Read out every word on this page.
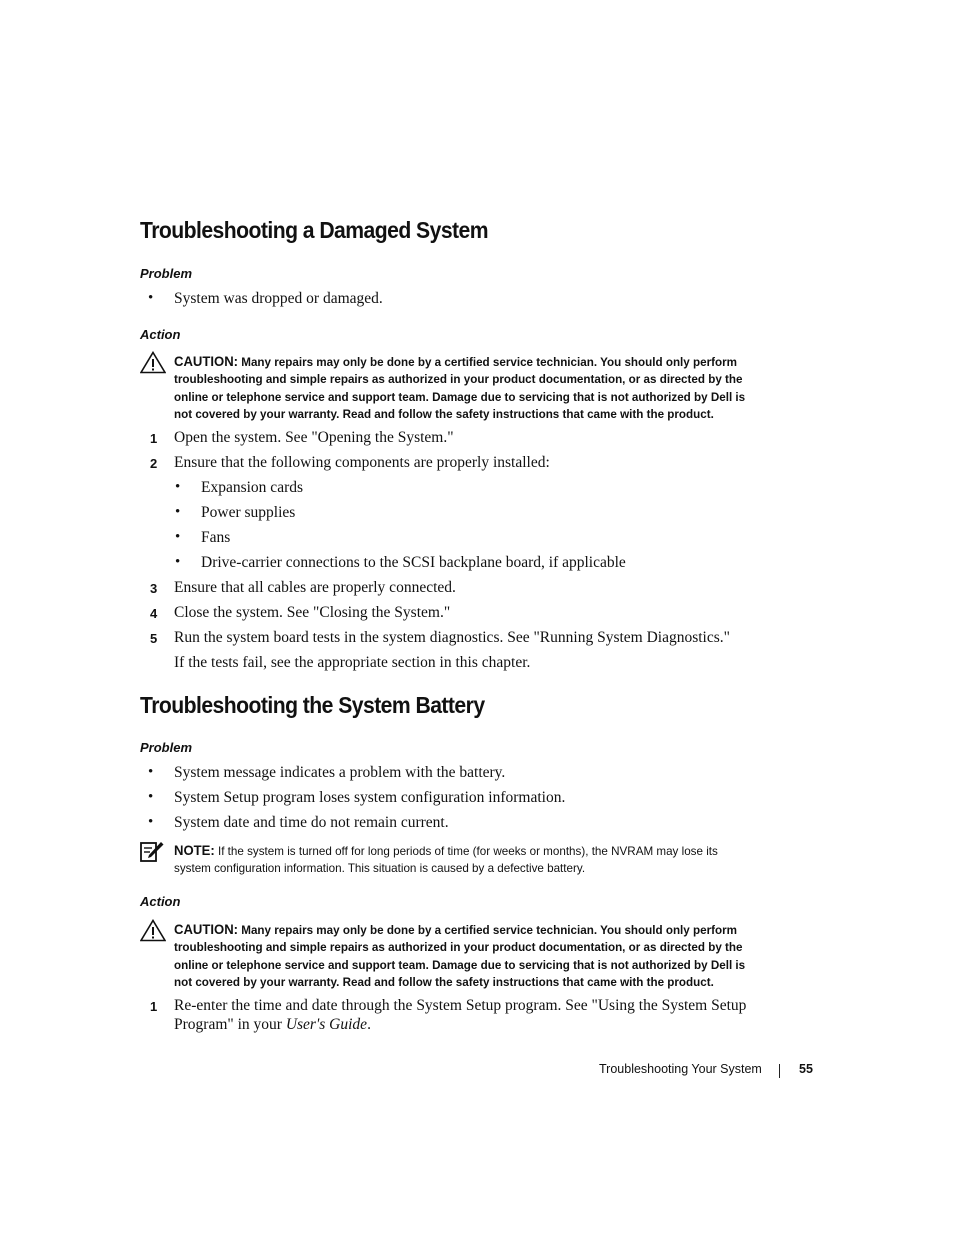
Troubleshooting a Damaged System
Problem
• System was dropped or damaged.
Action
CAUTION: Many repairs may only be done by a certified service technician. You should only perform
troubleshooting and simple repairs as authorized in your product documentation, or as directed by the
online or telephone service and support team. Damage due to servicing that is not authorized by Dell is
not covered by your warranty. Read and follow the safety instructions that came with the product.
1 Open the system. See "Opening the System."
2 Ensure that the following components are properly installed:
• Expansion cards
• Power supplies
• Fans
• Drive-carrier connections to the SCSI backplane board, if applicable
3 Ensure that all cables are properly connected.
4 Close the system. See "Closing the System."
5 Run the system board tests in the system diagnostics. See "Running System Diagnostics."
If the tests fail, see the appropriate section in this chapter.
Troubleshooting the System Battery
Problem
• System message indicates a problem with the battery.
• System Setup program loses system configuration information.
• System date and time do not remain current.
NOTE: If the system is turned off for long periods of time (for weeks or months), the NVRAM may lose its
system configuration information. This situation is caused by a defective battery.
Action
CAUTION: Many repairs may only be done by a certified service technician. You should only perform
troubleshooting and simple repairs as authorized in your product documentation, or as directed by the
online or telephone service and support team. Damage due to servicing that is not authorized by Dell is
not covered by your warranty. Read and follow the safety instructions that came with the product.
1 Re-enter the time and date through the System Setup program. See "Using the System Setup
Program" in your User's Guide.
Troubleshooting Your System	55
